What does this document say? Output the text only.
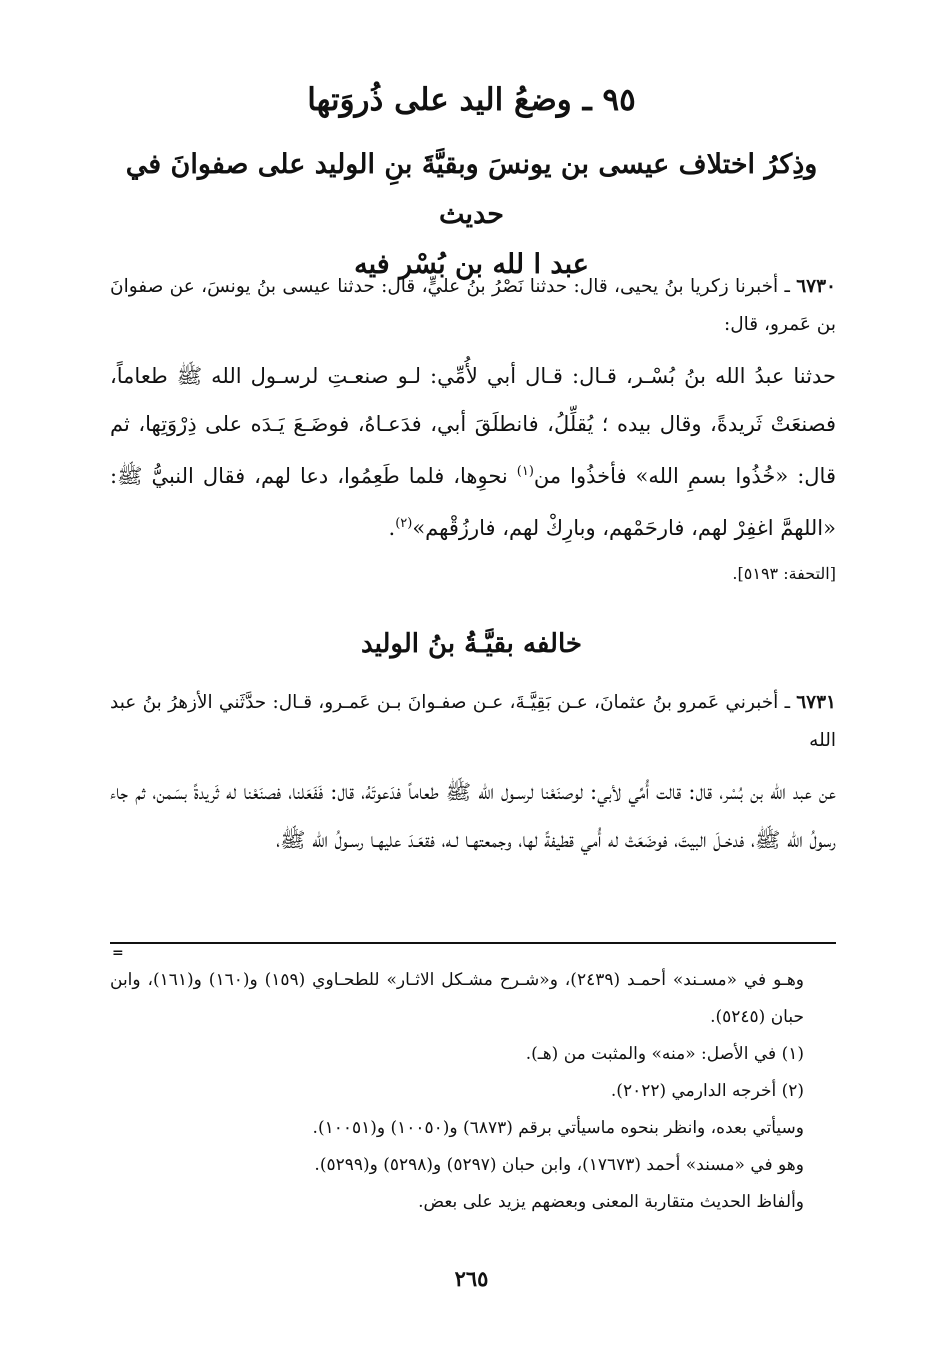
٩٥ ـ وضعُ اليد على ذُروَتها
وذِكرُ اختلاف عيسى بن يونسَ وبقيَّةَ بنِ الوليد على صفوانَ في حديث
عبد ا لله بن بُسْر فيه
٦٧٣٠ ـ أخبرنا زكريا بنُ يحيى، قال: حدثنا نَصْرُ بنُ عليٍّ، قال: حدثنا عيسى بنُ يونسَ، عن صفوانَ بن عَمرو، قال:
حدثنا عبدُ الله بنُ بُسْـر، قـال: قـال أبي لأُمِّي: لـو صنعـتِ لرسـول الله ﷺ طعاماً، فصنعَتْ ثَريدةً، وقال بيده ؛ يُقلِّلُ، فانطلَقَ أبي، فدَعـاهُ، فوضَـعَ يَـدَه على ذِرْوَتِها، ثم قال: «خُذُوا بسمِ الله» فأخذُوا من$^{(١)}$ نحوِها، فلما طَعِمُوا، دعا لهم، فقال النبيُّ ﷺ: «اللهمَّ اغفِرْ لهم، فارحَمْهم، وبارِكْ لهم، فارزُقْهم»$^{(٢)}$.
[التحفة: ٥١٩٣].
خالفه بقيَّـةُ بنُ الوليد
٦٧٣١ ـ أخبرني عَمرو بنُ عثمانَ، عـن بَقِيَّـةَ، عـن صفـوانَ بـن عَمـرو، قـال: حدَّثَني الأزهرُ بنُ عبد الله
عن عبد الله بن بُسْر، قال: قالت أُمِّي لأبي: لوصنَعْنا لرسـول الله ﷺ طعاماً فدَعوتَهُ، قال: فَفَعَلنا، فصنَعْنا له ثَريدةً بسَمن، ثم جاء رسولُ الله ﷺ، فدخـلَ البيتَ، فوضَعَتْ له أُمي قطيفةً لها، وجمعتهـا لـه، فقعَـدَ عليهـا رسـولُ الله ﷺ،
=
وهـو في «مسـند» أحمـد (٢٤٣٩)، و«شـرح مشـكل الاثـار» للطحـاوي (١٥٩) و(١٦٠) و(١٦١)، وابن حبان (٥٢٤٥).
(١) في الأصل: «منه» والمثبت من (هـ).
(٢) أخرجه الدارمي (٢٠٢٢).
وسيأتي بعده، وانظر بنحوه ماسيأتي برقم (٦٨٧٣) و(١٠٠٥٠) و(١٠٠٥١).
وهو في «مسند» أحمد (١٧٦٧٣)، وابن حبان (٥٢٩٧) و(٥٢٩٨) و(٥٢٩٩).
وألفاظ الحديث متقاربة المعنى وبعضهم يزيد على بعض.
٢٦٥
